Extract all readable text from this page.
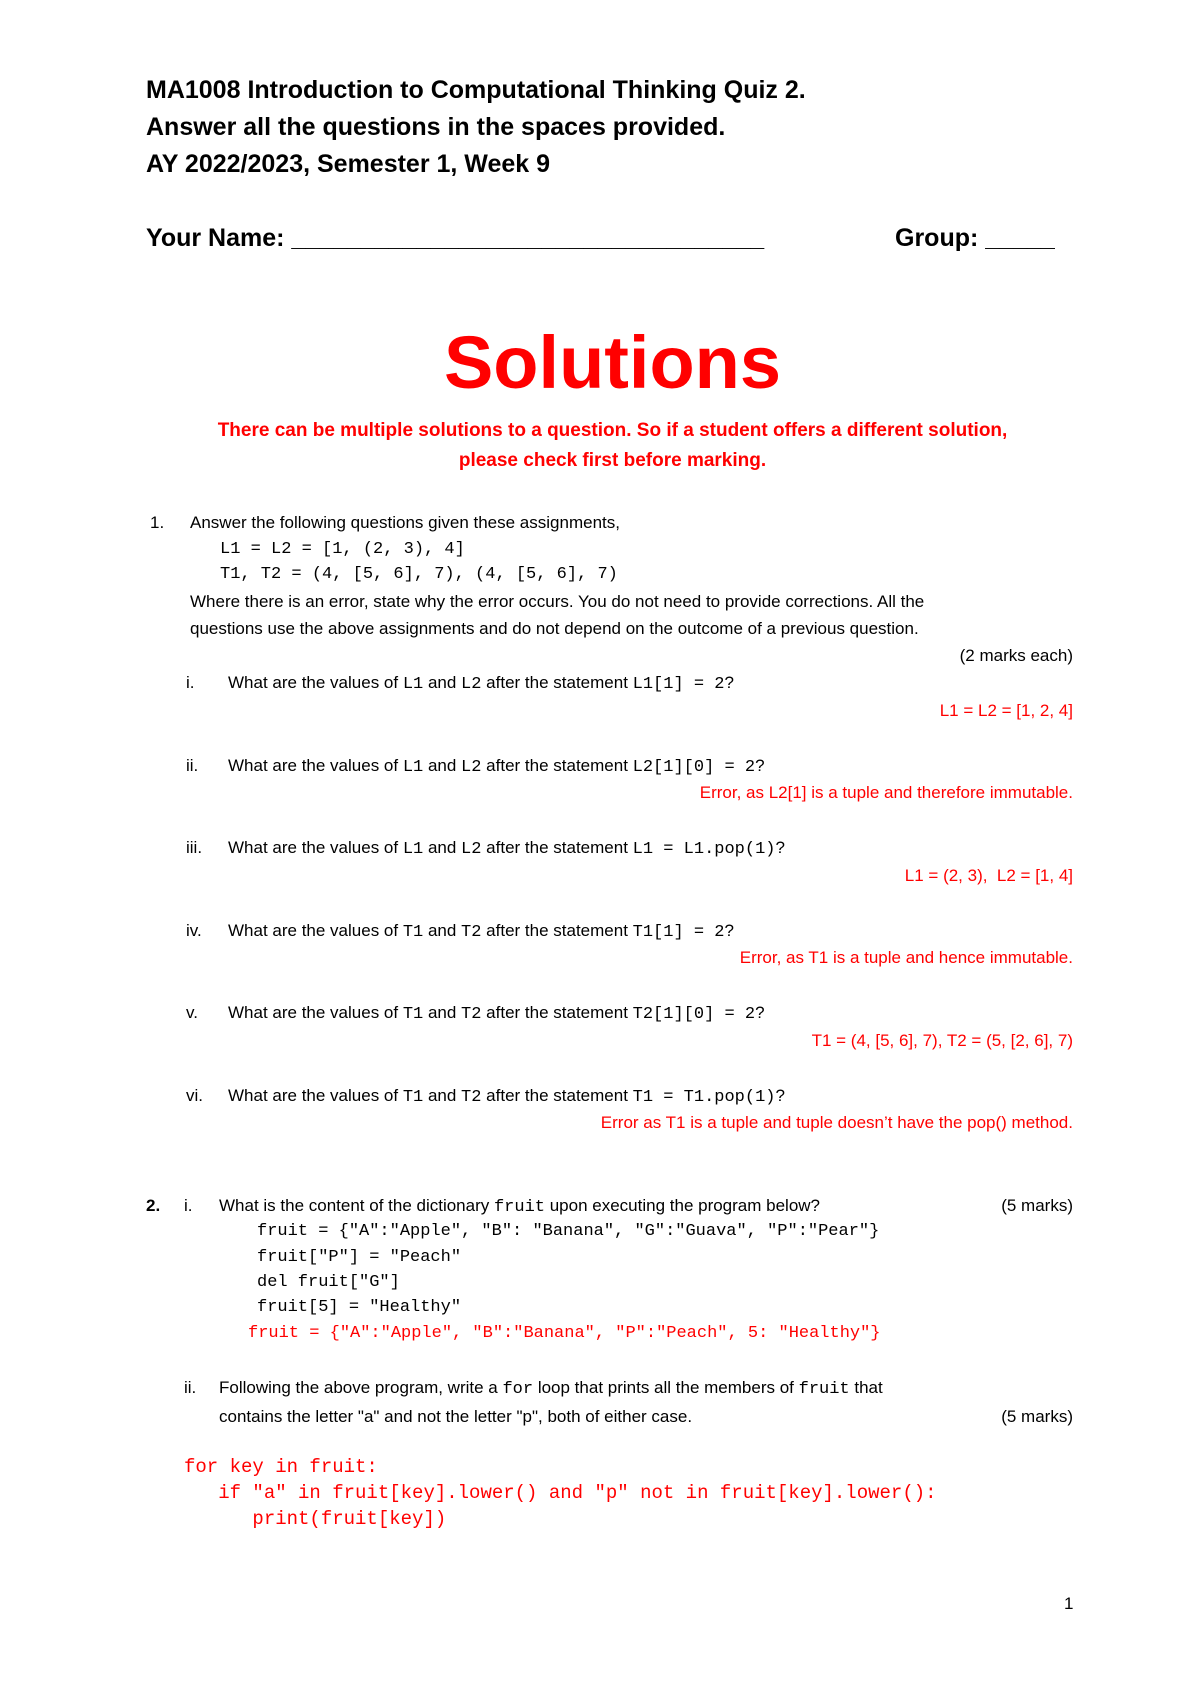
MA1008 Introduction to Computational Thinking Quiz 2.
Answer all the questions in the spaces provided.
AY 2022/2023, Semester 1, Week 9
Your Name: __________________________________	Group: _____
Solutions
There can be multiple solutions to a question. So if a student offers a different solution,
please check first before marking.
1. Answer the following questions given these assignments,
L1 = L2 = [1, (2, 3), 4]
T1, T2 = (4, [5, 6], 7), (4, [5, 6], 7)
Where there is an error, state why the error occurs. You do not need to provide corrections. All the
questions use the above assignments and do not depend on the outcome of a previous question.
(2 marks each)
i. What are the values of L1 and L2 after the statement L1[1] = 2?
L1 = L2 = [1, 2, 4]
ii. What are the values of L1 and L2 after the statement L2[1][0] = 2?
Error, as L2[1] is a tuple and therefore immutable.
iii. What are the values of L1 and L2 after the statement L1 = L1.pop(1)?
L1 = (2, 3),  L2 = [1, 4]
iv. What are the values of T1 and T2 after the statement T1[1] = 2?
Error, as T1 is a tuple and hence immutable.
v. What are the values of T1 and T2 after the statement T2[1][0] = 2?
T1 = (4, [5, 6], 7), T2 = (5, [2, 6], 7)
vi. What are the values of T1 and T2 after the statement T1 = T1.pop(1)?
Error as T1 is a tuple and tuple doesn’t have the pop() method.
2. i. What is the content of the dictionary fruit upon executing the program below?	(5 marks)
fruit = {"A":"Apple", "B": "Banana", "G":"Guava", "P":"Pear"}
fruit["P"] = "Peach"
del fruit["G"]
fruit[5] = "Healthy"
fruit = {"A":"Apple", "B":"Banana", "P":"Peach", 5: "Healthy"}
ii. Following the above program, write a for loop that prints all the members of fruit that
contains the letter "a" and not the letter "p", both of either case.	(5 marks)
for key in fruit:
if "a" in fruit[key].lower() and "p" not in fruit[key].lower():
print(fruit[key])
1
